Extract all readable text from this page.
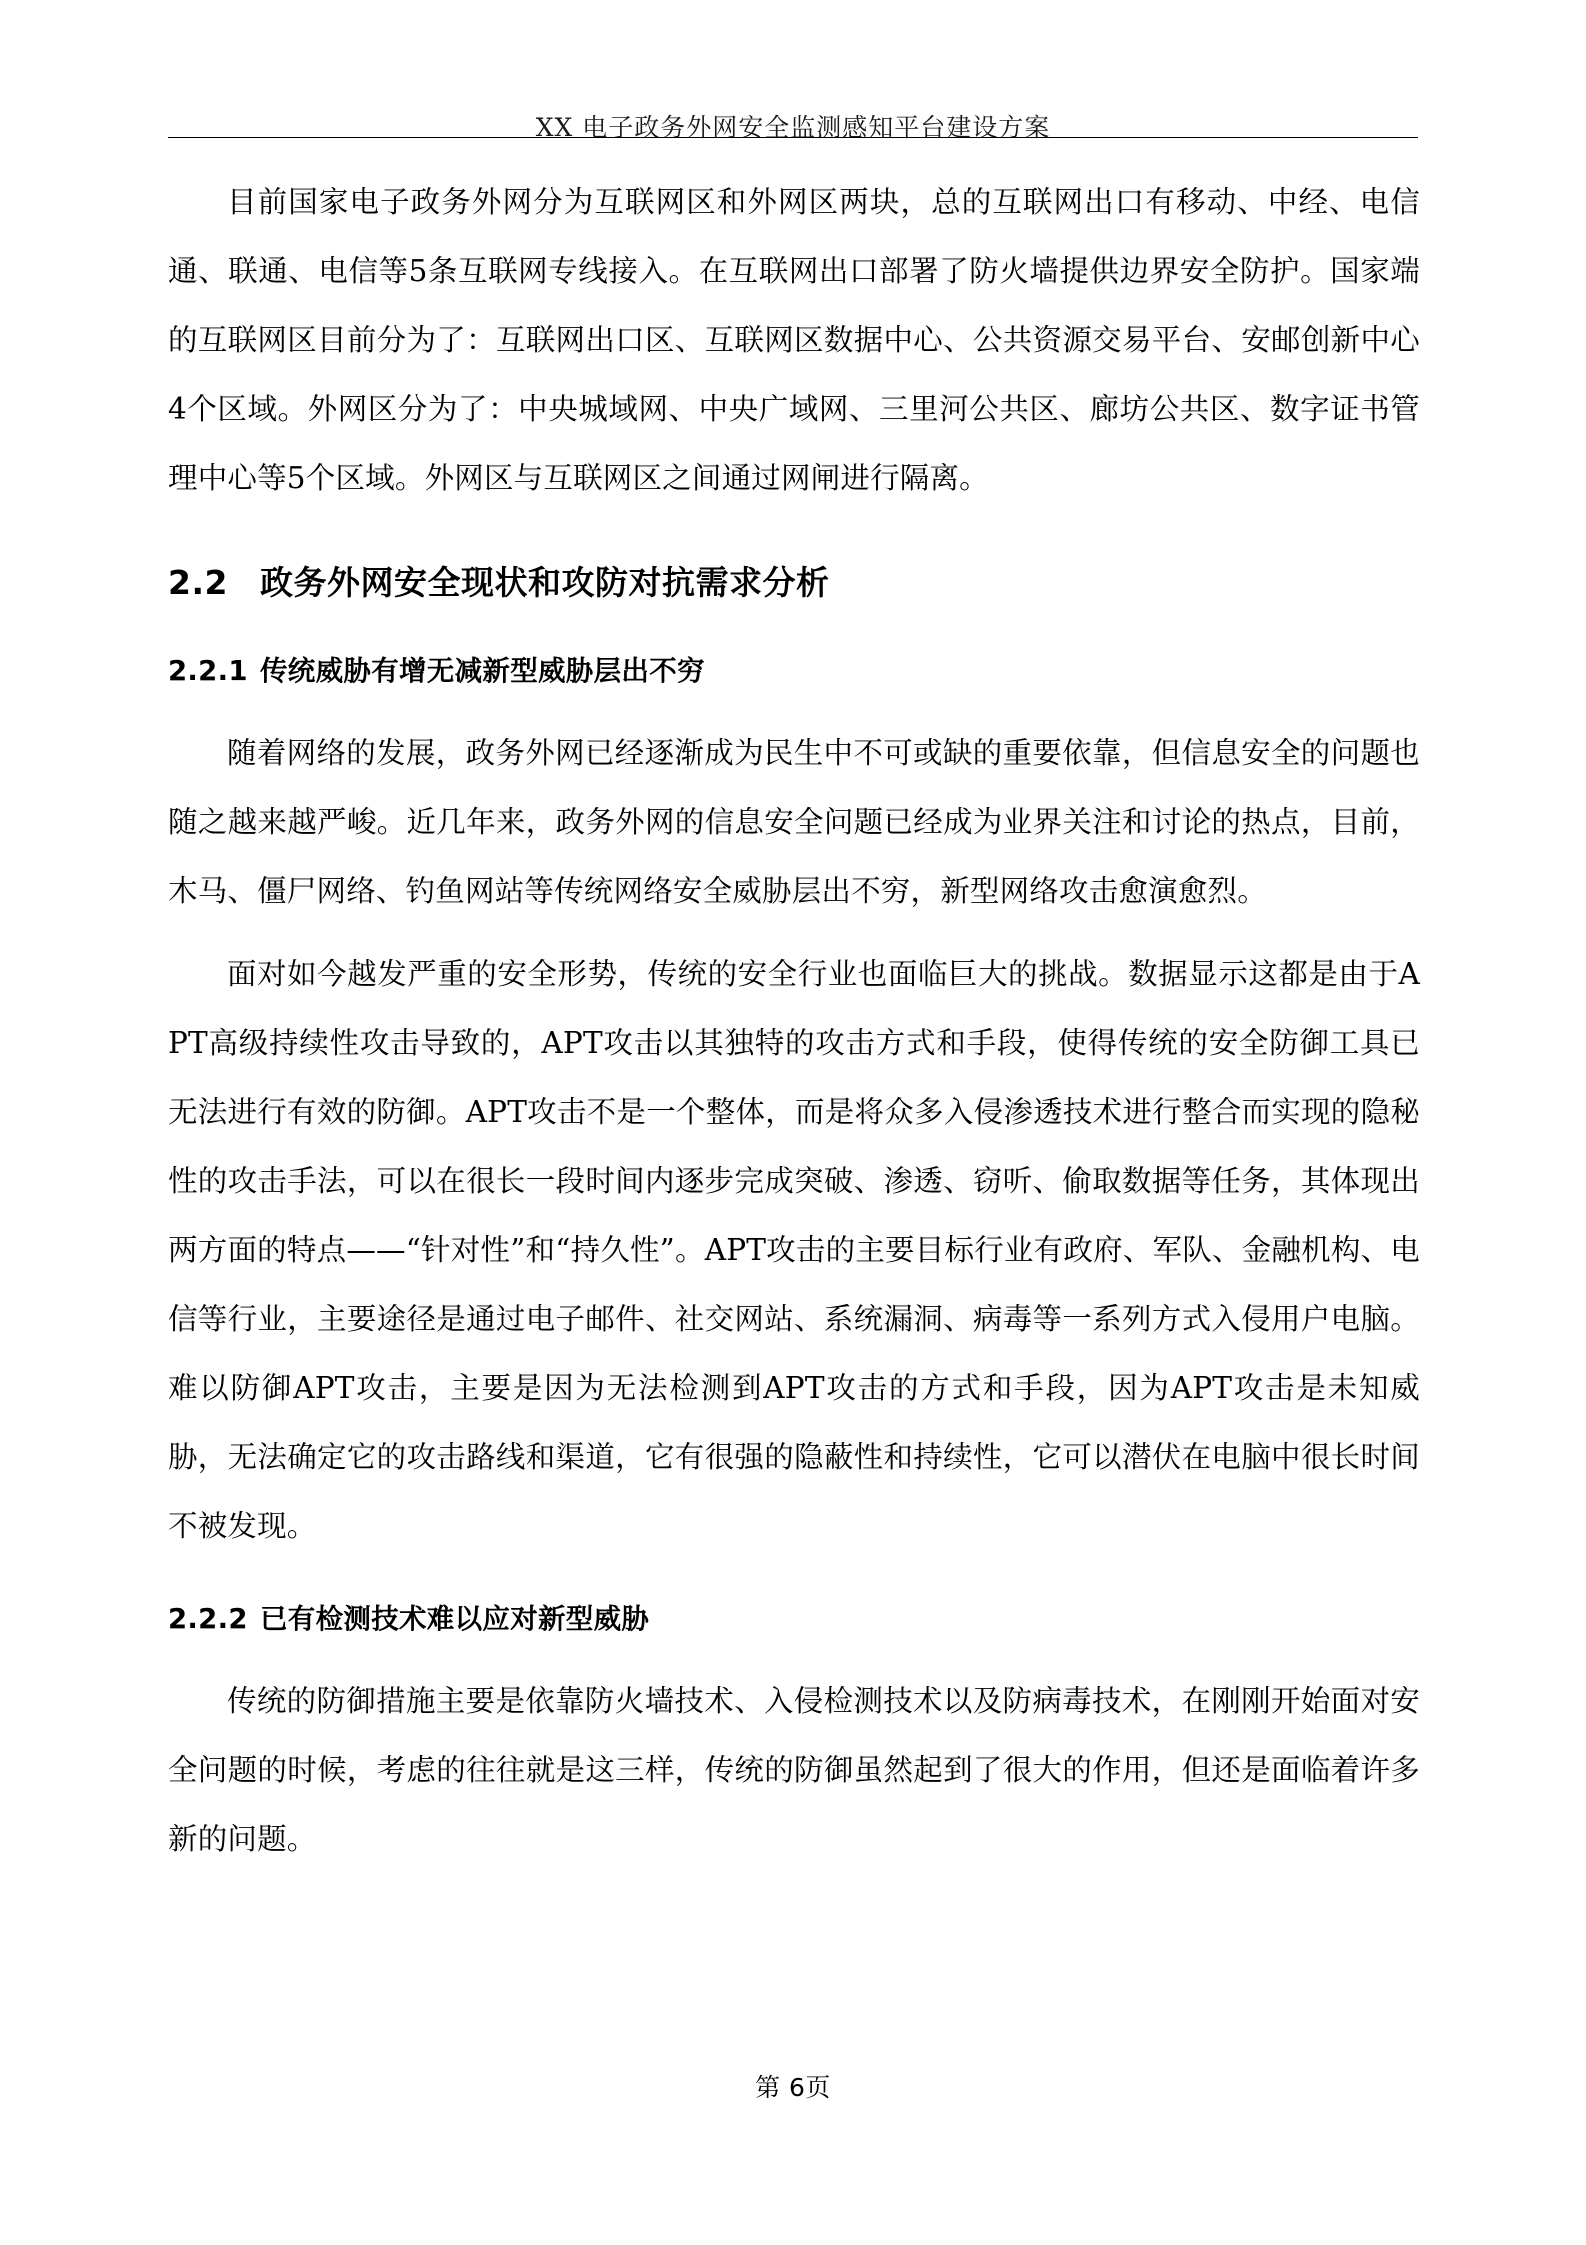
XX 电子政务外网安全监测感知平台建设方案

目前国家电子政务外网分为互联网区和外网区两块，总的互联网出口有移动、中经、电信通、联通、电信等5条互联网专线接入。在互联网出口部署了防火墙提供边界安全防护。国家端的互联网区目前分为了：互联网出口区、互联网区数据中心、公共资源交易平台、安邮创新中心4个区域。外网区分为了：中央城域网、中央广域网、三里河公共区、廊坊公共区、数字证书管理中心等5个区域。外网区与互联网区之间通过网闸进行隔离。

2.2 政务外网安全现状和攻防对抗需求分析
2.2.1 传统威胁有增无减新型威胁层出不穷

随着网络的发展，政务外网已经逐渐成为民生中不可或缺的重要依靠，但信息安全的问题也随之越来越严峻。近几年来，政务外网的信息安全问题已经成为业界关注和讨论的热点，目前，木马、僵尸网络、钓鱼网站等传统网络安全威胁层出不穷，新型网络攻击愈演愈烈。

面对如今越发严重的安全形势，传统的安全行业也面临巨大的挑战。数据显示这都是由于APT高级持续性攻击导致的，APT攻击以其独特的攻击方式和手段，使得传统的安全防御工具已无法进行有效的防御。APT攻击不是一个整体，而是将众多入侵渗透技术进行整合而实现的隐秘性的攻击手法，可以在很长一段时间内逐步完成突破、渗透、窃听、偷取数据等任务，其体现出两方面的特点——“针对性”和“持久性”。APT攻击的主要目标行业有政府、军队、金融机构、电信等行业，主要途径是通过电子邮件、社交网站、系统漏洞、病毒等一系列方式入侵用户电脑。难以防御APT攻击，主要是因为无法检测到APT攻击的方式和手段，因为APT攻击是未知威胁，无法确定它的攻击路线和渠道，它有很强的隐蔽性和持续性，它可以潜伏在电脑中很长时间不被发现。

2.2.2 已有检测技术难以应对新型威胁

传统的防御措施主要是依靠防火墙技术、入侵检测技术以及防病毒技术，在刚刚开始面对安全问题的时候，考虑的往往就是这三样，传统的防御虽然起到了很大的作用，但还是面临着许多新的问题。

第 6页
